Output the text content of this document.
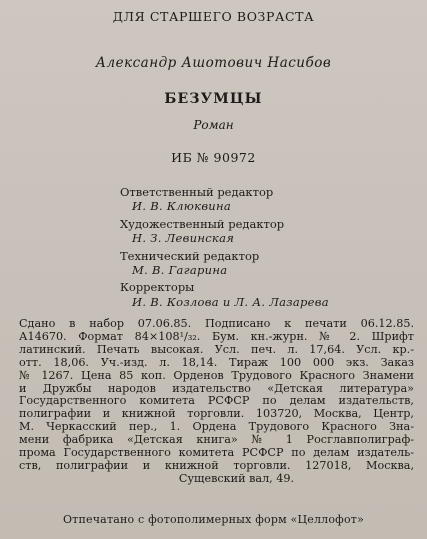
ДЛЯ СТАРШЕГО ВОЗРАСТА
Александр Ашотович Насибов
БЕЗУМЦЫ
Роман
ИБ № 90972
Ответственный редактор
И. В. Клюквина
Художественный редактор
Н. З. Левинская
Технический редактор
М. В. Гагарина
Корректоры
И. В. Козлова и Л. А. Лазарева
Сдано в набор 07.06.85. Подписано к печати 06.12.85.
А14670. Формат 84×108¹/₃₂. Бум. кн.-журн. № 2. Шрифт
латинский. Печать высокая. Усл. печ. л. 17,64. Усл. кр.-
отт. 18,06. Уч.-изд. л. 18,14. Тираж 100 000 экз. Заказ
№ 1267. Цена 85 коп. Орденов Трудового Красного Знамени
и Дружбы народов издательство «Детская литература»
Государственного комитета РСФСР по делам издательств,
полиграфии и книжной торговли. 103720, Москва, Центр,
М. Черкасский пер., 1. Ордена Трудового Красного Зна-
мени фабрика «Детская книга» № 1 Росглавполиграф-
прома Государственного комитета РСФСР по делам издатель-
ств, полиграфии и книжной торговли. 127018, Москва,
Сущевский вал, 49.
Отпечатано с фотополимерных форм «Целлофот»
